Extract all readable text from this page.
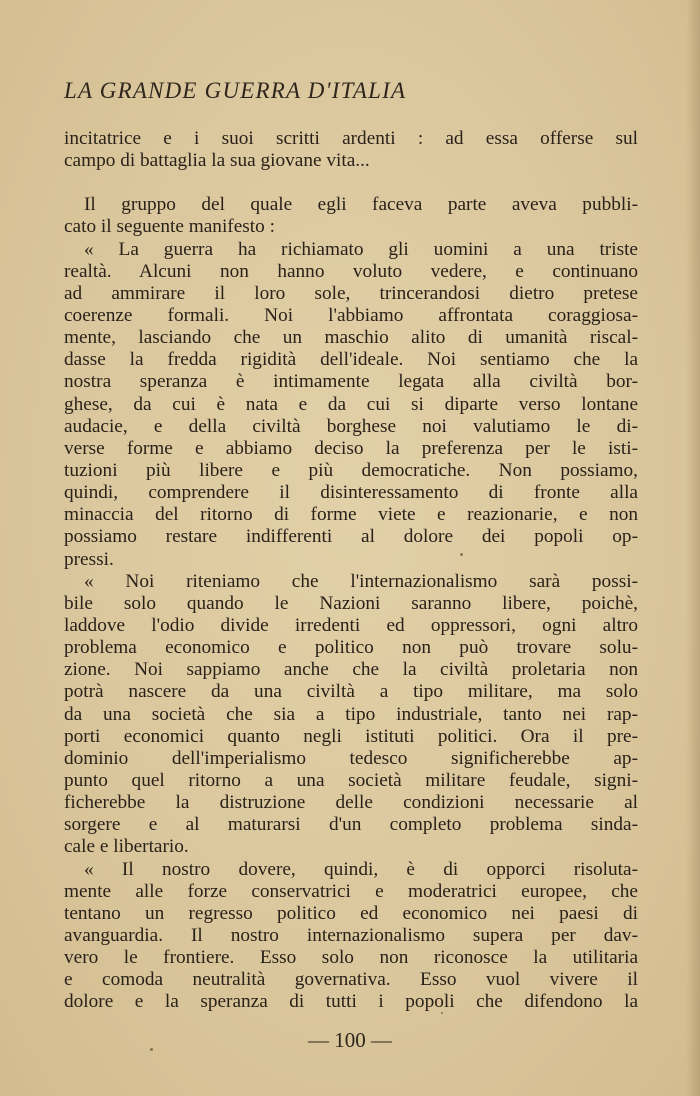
LA GRANDE GUERRA D'ITALIA
incitatrice e i suoi scritti ardenti : ad essa offerse sul
campo di battaglia la sua giovane vita...
Il gruppo del quale egli faceva parte aveva pubbli-
cato il seguente manifesto :
« La guerra ha richiamato gli uomini a una triste
realtà. Alcuni non hanno voluto vedere, e continuano
ad ammirare il loro sole, trincerandosi dietro pretese
coerenze formali. Noi l'abbiamo affrontata coraggiosa-
mente, lasciando che un maschio alito di umanità riscal-
dasse la fredda rigidità dell'ideale. Noi sentiamo che la
nostra speranza è intimamente legata alla civiltà bor-
ghese, da cui è nata e da cui si diparte verso lontane
audacie, e della civiltà borghese noi valutiamo le di-
verse forme e abbiamo deciso la preferenza per le isti-
tuzioni più libere e più democratiche. Non possiamo,
quindi, comprendere il disinteressamento di fronte alla
minaccia del ritorno di forme viete e reazionarie, e non
possiamo restare indifferenti al dolore dei popoli op-
pressi.
« Noi riteniamo che l'internazionalismo sarà possi-
bile solo quando le Nazioni saranno libere, poichè,
laddove l'odio divide irredenti ed oppressori, ogni altro
problema economico e politico non può trovare solu-
zione. Noi sappiamo anche che la civiltà proletaria non
potrà nascere da una civiltà a tipo militare, ma solo
da una società che sia a tipo industriale, tanto nei rap-
porti economici quanto negli istituti politici. Ora il pre-
dominio dell'imperialismo tedesco significherebbe ap-
punto quel ritorno a una società militare feudale, signi-
ficherebbe la distruzione delle condizioni necessarie al
sorgere e al maturarsi d'un completo problema sinda-
cale e libertario.
« Il nostro dovere, quindi, è di opporci risoluta-
mente alle forze conservatrici e moderatrici europee, che
tentano un regresso politico ed economico nei paesi di
avanguardia. Il nostro internazionalismo supera per dav-
vero le frontiere. Esso solo non riconosce la utilitaria
e comoda neutralità governativa. Esso vuol vivere il
dolore e la speranza di tutti i popoli che difendono la
— 100 —
